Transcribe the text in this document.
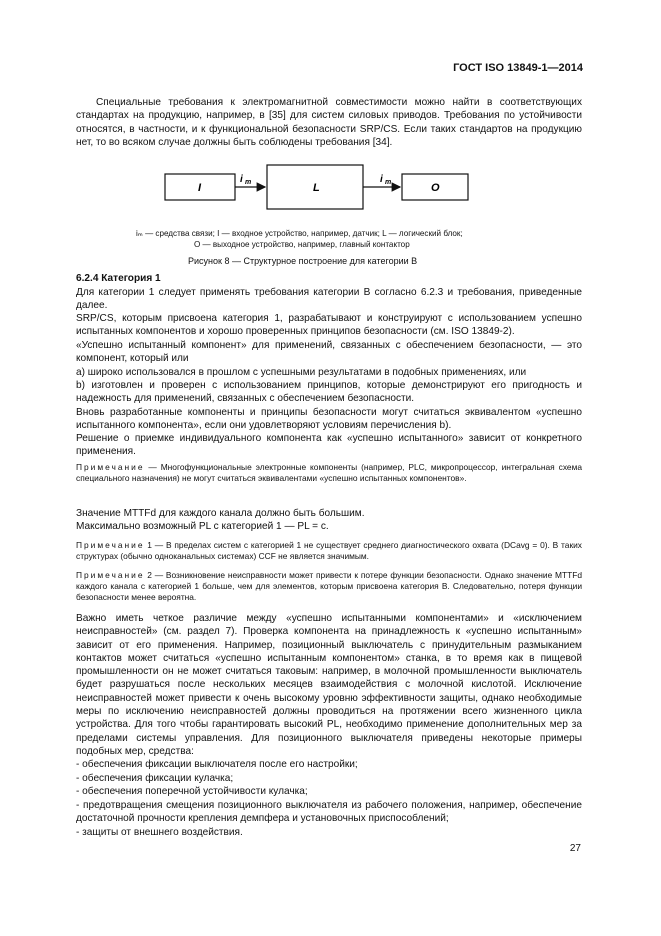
ГОСТ ISO 13849-1—2014

Специальные требования к электромагнитной совместимости можно найти в соответствующих стандартах на продукцию, например, в [35] для систем силовых приводов. Требования по устойчивости относятся, в частности, и к функциональной безопасности SRP/CS. Если таких стандартов на продукцию нет, то во всяком случае должны быть соблюдены требования [34].

I	L	O
i m	i m
iₘ — средства связи; I — входное устройство, например, датчик; L — логический блок;
O — выходное устройство, например, главный контактор
Рисунок 8 — Структурное построение для категории B
6.2.4 Категория 1

Для категории 1 следует применять требования категории B согласно 6.2.3 и требования, приведенные далее.

SRP/CS, которым присвоена категория 1, разрабатывают и конструируют с использованием успешно испытанных компонентов и хорошо проверенных принципов безопасности (см. ISO 13849-2).

«Успешно испытанный компонент» для применений, связанных с обеспечением безопасности, — это компонент, который или

a) широко использовался в прошлом с успешными результатами в подобных применениях, или

b) изготовлен и проверен с использованием принципов, которые демонстрируют его пригодность и надежность для применений, связанных с обеспечением безопасности.

Вновь разработанные компоненты и принципы безопасности могут считаться эквивалентом «успешно испытанного компонента», если они удовлетворяют условиям перечисления b).

Решение о приемке индивидуального компонента как «успешно испытанного» зависит от конкретного применения.

Примечание — Многофункциональные электронные компоненты (например, PLC, микропроцессор, интегральная схема специального назначения) не могут считаться эквивалентами «успешно испытанных компонентов».

Значение MTTFd для каждого канала должно быть большим.
Максимально возможный PL с категорией 1 — PL = c.

Примечание 1 — В пределах систем с категорией 1 не существует среднего диагностического охвата (DCavg = 0). В таких структурах (обычно одноканальных системах) CCF не является значимым.

Примечание 2 — Возникновение неисправности может привести к потере функции безопасности. Однако значение MTTFd каждого канала с категорией 1 больше, чем для элементов, которым присвоена категория B. Следовательно, потеря функции безопасности менее вероятна.

Важно иметь четкое различие между «успешно испытанными компонентами» и «исключением неисправностей» (см. раздел 7). Проверка компонента на принадлежность к «успешно испытанным» зависит от его применения. Например, позиционный выключатель с принудительным размыканием контактов может считаться «успешно испытанным компонентом» станка, в то время как в пищевой промышленности он не может считаться таковым: например, в молочной промышленности выключатель будет разрушаться после нескольких месяцев взаимодействия с молочной кислотой. Исключение неисправностей может привести к очень высокому уровню эффективности защиты, однако необходимые меры по исключению неисправностей должны проводиться на протяжении всего жизненного цикла устройства. Для того чтобы гарантировать высокий PL, необходимо применение дополнительных мер за пределами системы управления. Для позиционного выключателя приведены некоторые примеры подобных мер, средства:

- обеспечения фиксации выключателя после его настройки;
- обеспечения фиксации кулачка;
- обеспечения поперечной устойчивости кулачка;

- предотвращения смещения позиционного выключателя из рабочего положения, например, обеспечение достаточной прочности крепления демпфера и установочных приспособлений;

- защиты от внешнего воздействия.
27
